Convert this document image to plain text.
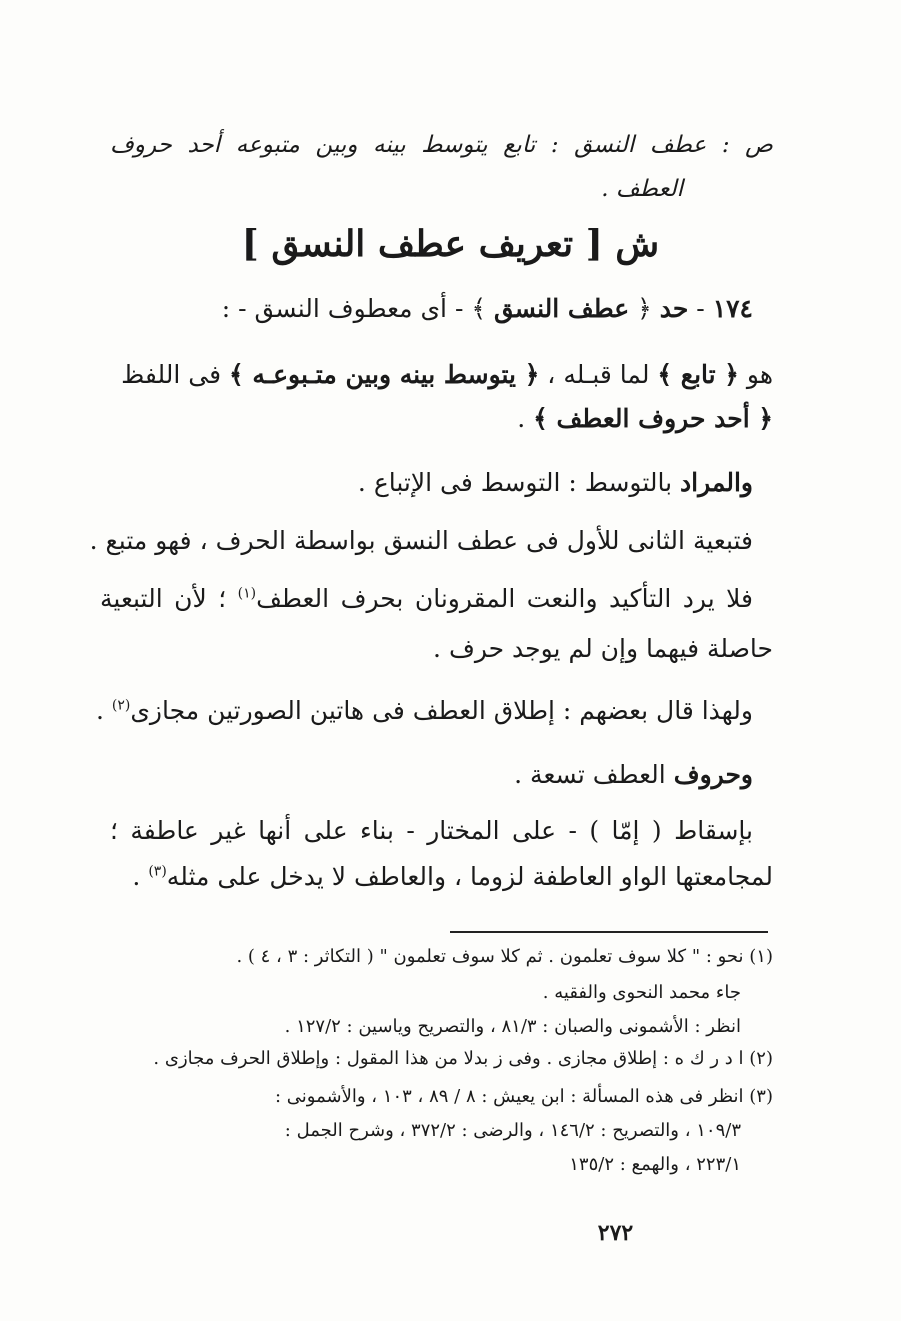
ص : عطف النسق : تابع يتوسط بينه وبين متبوعه أحد حروف
العطف .
ش [ تعريف عطف النسق ]
١٧٤ - حد ﴿ عطف النسق ﴾ - أى معطوف النسق - :
هو ﴿ تابع ﴾ لما قبـله ، ﴿ يتوسط بينه وبين متـبوعـه ﴾ فى اللفظ
﴿ أحد حروف العطف ﴾ .
والمراد بالتوسط : التوسط فى الإتباع .
فتبعية الثانى للأول فى عطف النسق بواسطة الحرف ، فهو متبع .
فلا يرد التأكيد والنعت المقرونان بحرف العطف$^{(١)}$ ؛ لأن التبعية
حاصلة فيهما وإن لم يوجد حرف .
ولهذا قال بعضهم : إطلاق العطف فى هاتين الصورتين مجازى$^{(٢)}$ .
وحروف العطف تسعة .
بإسقاط ( إمّا ) - على المختار - بناء على أنها غير عاطفة ؛
لمجامعتها الواو العاطفة لزوما ، والعاطف لا يدخل على مثله$^{(٣)}$ .
(١) نحو : " كلا سوف تعلمون . ثم كلا سوف تعلمون " ( التكاثر : ٣ ، ٤ ) .
جاء محمد النحوى والفقيه .
انظر : الأشمونى والصبان : ٨١/٣ ، والتصريح وياسين : ١٢٧/٢ .
(٢) ا د ر ك ه : إطلاق مجازى . وفى ز بدلا من هذا المقول : وإطلاق الحرف مجازى .
(٣) انظر فى هذه المسألة : ابن يعيش : ٨ / ٨٩ ، ١٠٣ ، والأشمونى :
١٠٩/٣ ، والتصريح : ١٤٦/٢ ، والرضى : ٣٧٢/٢ ، وشرح الجمل :
٢٢٣/١ ، والهمع : ١٣٥/٢
٢٧٢
